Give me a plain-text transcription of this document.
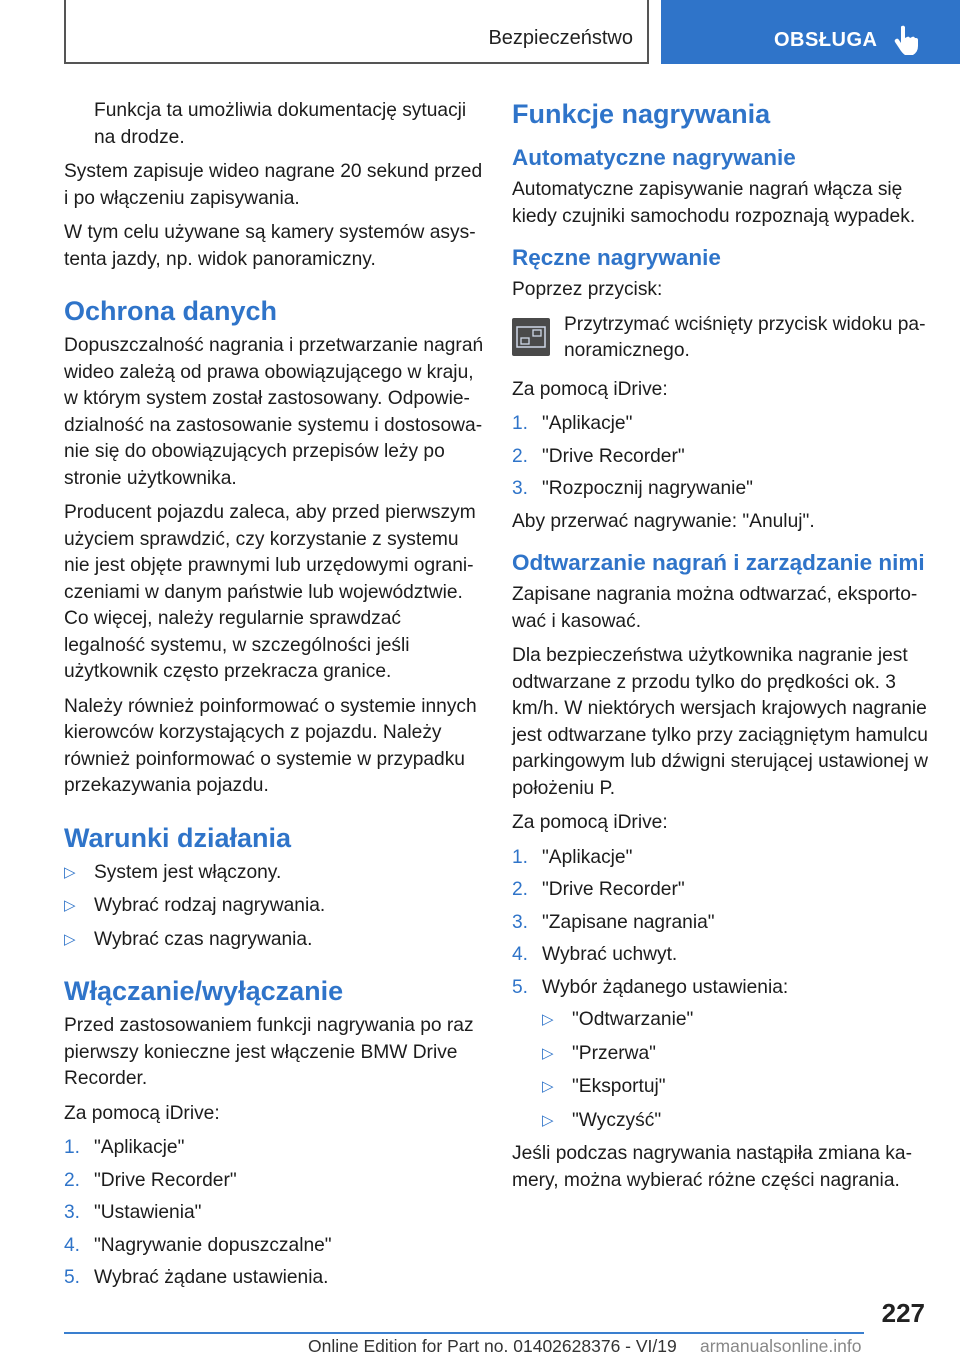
Bezpieczeństwo	OBSŁUGA

Funkcja ta umożliwia dokumentację sytuacji na drodze.

System zapisuje wideo nagrane 20 sekund przed i po włączeniu zapisywania.

W tym celu używane są kamery systemów asystenta jazdy, np. widok panoramiczny.

Ochrona danych

Dopuszczalność nagrania i przetwarzanie nagrań wideo zależą od prawa obowiązującego w kraju, w którym system został zastosowany. Odpowiedzialność na zastosowanie systemu i dostosowanie się do obowiązujących przepisów leży po stronie użytkownika.

Producent pojazdu zaleca, aby przed pierwszym użyciem sprawdzić, czy korzystanie z systemu nie jest objęte prawnymi lub urzędowymi ograniczeniami w danym państwie lub województwie. Co więcej, należy regularnie sprawdzać legalność systemu, w szczególności jeśli użytkownik często przekracza granice.

Należy również poinformować o systemie innych kierowców korzystających z pojazdu. Należy również poinformować o systemie w przypadku przekazywania pojazdu.

Warunki działania
▷ System jest włączony.
▷ Wybrać rodzaj nagrywania.
▷ Wybrać czas nagrywania.
Włączanie/wyłączanie

Przed zastosowaniem funkcji nagrywania po raz pierwszy konieczne jest włączenie BMW Drive Recorder.

Za pomocą iDrive:

1. "Aplikacje"
2. "Drive Recorder"
3. "Ustawienia"
4. "Nagrywanie dopuszczalne"
5. Wybrać żądane ustawienia.
Funkcje nagrywania
Automatyczne nagrywanie

Automatyczne zapisywanie nagrań włącza się kiedy czujniki samochodu rozpoznają wypadek.

Ręczne nagrywanie

Poprzez przycisk:

Przytrzymać wciśnięty przycisk widoku panoramicznego.

Za pomocą iDrive:

1. "Aplikacje"
2. "Drive Recorder"
3. "Rozpocznij nagrywanie"

Aby przerwać nagrywanie: "Anuluj".

Odtwarzanie nagrań i zarządzanie nimi

Zapisane nagrania można odtwarzać, eksportować i kasować.

Dla bezpieczeństwa użytkownika nagranie jest odtwarzane z przodu tylko do prędkości ok. 3 km/h. W niektórych wersjach krajowych nagranie jest odtwarzane tylko przy zaciągniętym hamulcu parkingowym lub dźwigni sterującej ustawionej w położeniu P.

Za pomocą iDrive:

1. "Aplikacje"
2. "Drive Recorder"
3. "Zapisane nagrania"
4. Wybrać uchwyt.
5. Wybór żądanego ustawienia:
▷ "Odtwarzanie"
▷ "Przerwa"
▷ "Eksportuj"
▷ "Wyczyść"

Jeśli podczas nagrywania nastąpiła zmiana kamery, można wybierać różne części nagrania.

227
Online Edition for Part no. 01402628376 - VI/19 armanualsonline.info
